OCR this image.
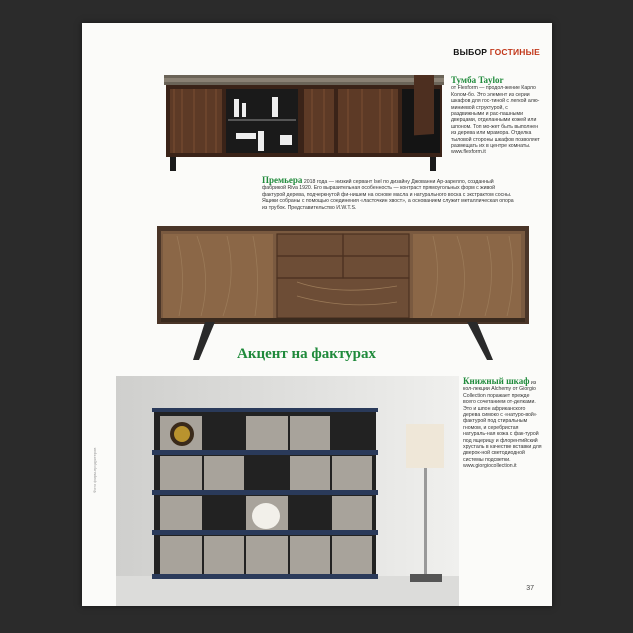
ВЫБОР ГОСТИНЫЕ
Тумба Taylor
от Flexform — продол-жение Карло Колом-бо. Это элемент из серии шкафов для гос-тиной с легкой алю-миниевой структурой, с раздвижными и рас-пашными дверцами, отделанными кожей или шпоном. Топ мо-жет быть выполнен из дерева или мрамора. Отделка тыловой стороны шкафов позволяет размещать их в центре комнаты. www.flexform.it
Премьера 2018 года — низкий сервант Isel по дизайну Джованни Ар-зарелло, созданный фабрикой Riva 1920. Его выразительная особенность — контраст прямоугольных форм с живой фактурой дерева, подчеркнутой фи-нишем на основе масла и натурального воска с экстрактом сосны. Ящики собраны с помощью соединения «ласточкин хвост», а основанием служит металлическая опора из трубок. Представительство И.W.T.S.
Акцент на фактурах
Книжный шкаф из кол-лекции Alchemy от Giorgio Collection поражает прежде всего сочетанием от-делками. Это и шпон африканского дерева симоко с «натуро-вой» фактурой под стиральным гномом, и серебристая натураль-ная кожа с фак-турой под ящерицу и флорентийский хрусталь в качестве вставки для дверок-ной светодиодной системы подсветки. www.giorgiocollection.it
Фото фирм-продуктеров
37
